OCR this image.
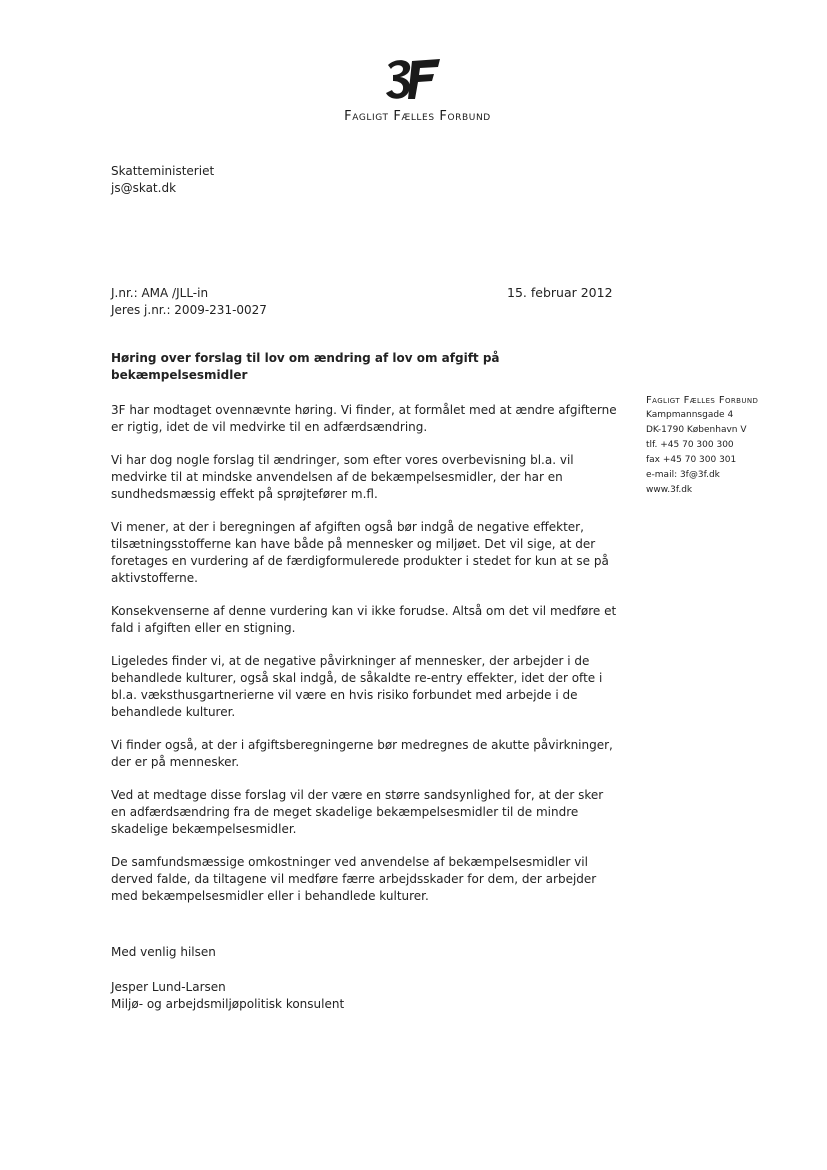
Fagligt Fælles Forbund
Skatteministeriet
js@skat.dk
J.nr.: AMA /JLL-in
Jeres j.nr.: 2009-231-0027
15. februar 2012
Høring over forslag til lov om ændring af lov om afgift på bekæmpelsesmidler

3F har modtaget ovennævnte høring. Vi finder, at formålet med at ændre afgifterne er rigtig, idet de vil medvirke til en adfærdsændring.

Vi har dog nogle forslag til ændringer, som efter vores overbevisning bl.a. vil medvirke til at mindske anvendelsen af de bekæmpelsesmidler, der har en sundhedsmæssig effekt på sprøjtefører m.fl.

Vi mener, at der i beregningen af afgiften også bør indgå de negative effekter, tilsætningsstofferne kan have både på mennesker og miljøet. Det vil sige, at der foretages en vurdering af de færdigformulerede produkter i stedet for kun at se på aktivstofferne.

Konsekvenserne af denne vurdering kan vi ikke forudse. Altså om det vil medføre et fald i afgiften eller en stigning.

Ligeledes finder vi, at de negative påvirkninger af mennesker, der arbejder i de behandlede kulturer, også skal indgå, de såkaldte re-entry effekter, idet der ofte i bl.a. væksthusgartnerierne vil være en hvis risiko forbundet med arbejde i de behandlede kulturer.

Vi finder også, at der i afgiftsberegningerne bør medregnes de akutte påvirkninger, der er på mennesker.

Ved at medtage disse forslag vil der være en større sandsynlighed for, at der sker en adfærdsændring fra de meget skadelige bekæmpelsesmidler til de mindre skadelige bekæmpelsesmidler.

De samfundsmæssige omkostninger ved anvendelse af bekæmpelsesmidler vil derved falde, da tiltagene vil medføre færre arbejdsskader for dem, der arbejder med bekæmpelsesmidler eller i behandlede kulturer.

Fagligt Fælles Forbund
Kampmannsgade 4
DK-1790 København V
tlf. +45 70 300 300
fax +45 70 300 301
e-mail: 3f@3f.dk
www.3f.dk
Med venlig hilsen
Jesper Lund-Larsen
Miljø- og arbejdsmiljøpolitisk konsulent
